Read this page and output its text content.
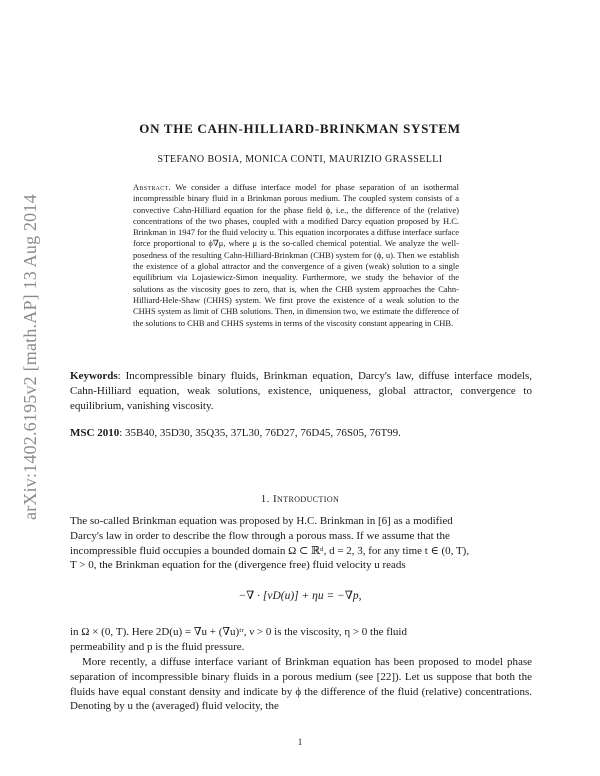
arXiv:1402.6195v2 [math.AP] 13 Aug 2014
ON THE CAHN-HILLIARD-BRINKMAN SYSTEM
STEFANO BOSIA, MONICA CONTI, MAURIZIO GRASSELLI
Abstract. We consider a diffuse interface model for phase separation of an isothermal incompressible binary fluid in a Brinkman porous medium. The coupled system consists of a convective Cahn-Hilliard equation for the phase field ϕ, i.e., the difference of the (relative) concentrations of the two phases, coupled with a modified Darcy equation proposed by H.C. Brinkman in 1947 for the fluid velocity u. This equation incorporates a diffuse interface surface force proportional to ϕ∇μ, where μ is the so-called chemical potential. We analyze the well-posedness of the resulting Cahn-Hilliard-Brinkman (CHB) system for (ϕ, u). Then we establish the existence of a global attractor and the convergence of a given (weak) solution to a single equilibrium via Lojasiewicz-Simon inequality. Furthermore, we study the behavior of the solutions as the viscosity goes to zero, that is, when the CHB system approaches the Cahn-Hilliard-Hele-Shaw (CHHS) system. We first prove the existence of a weak solution to the CHHS system as limit of CHB solutions. Then, in dimension two, we estimate the difference of the solutions to CHB and CHHS systems in terms of the viscosity constant appearing in CHB.
Keywords: Incompressible binary fluids, Brinkman equation, Darcy's law, diffuse interface models, Cahn-Hilliard equation, weak solutions, existence, uniqueness, global attractor, convergence to equilibrium, vanishing viscosity.
MSC 2010: 35B40, 35D30, 35Q35, 37L30, 76D27, 76D45, 76S05, 76T99.
1. Introduction
The so-called Brinkman equation was proposed by H.C. Brinkman in [6] as a modified
Darcy's law in order to describe the flow through a porous mass. If we assume that the
incompressible fluid occupies a bounded domain Ω ⊂ ℝᵈ, d = 2, 3, for any time t ∈ (0, T),
T > 0, the Brinkman equation for the (divergence free) fluid velocity u reads
−∇ · [νD(u)] + ηu = −∇p,
in Ω × (0, T). Here 2D(u) = ∇u + (∇u)ᵗʳ, ν > 0 is the viscosity, η > 0 the fluid
permeability and p is the fluid pressure.
More recently, a diffuse interface variant of Brinkman equation has been proposed to model phase separation of incompressible binary fluids in a porous medium (see [22]). Let us suppose that both the fluids have equal constant density and indicate by ϕ the difference of the fluid (relative) concentrations. Denoting by u the (averaged) fluid velocity, the
1
